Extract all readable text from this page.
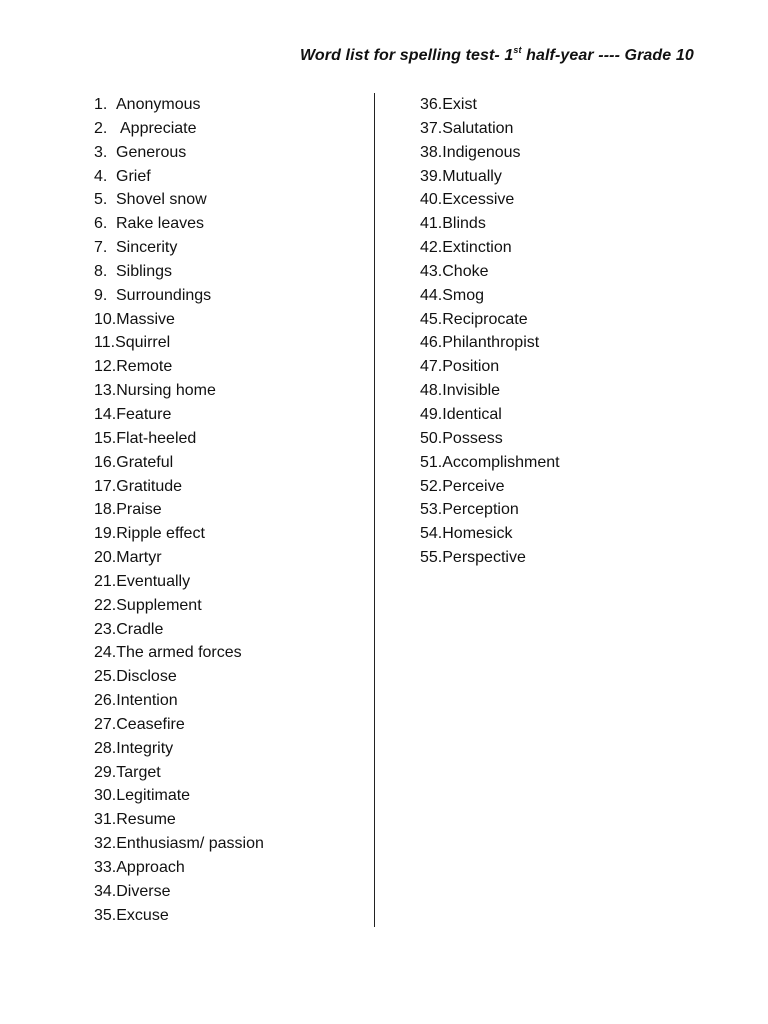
Word list for spelling test- 1st half-year ---- Grade 10
1. Anonymous
2. Appreciate
3. Generous
4. Grief
5. Shovel snow
6. Rake leaves
7. Sincerity
8. Siblings
9. Surroundings
10.Massive
11.Squirrel
12.Remote
13.Nursing home
14.Feature
15.Flat-heeled
16.Grateful
17.Gratitude
18.Praise
19.Ripple effect
20.Martyr
21.Eventually
22.Supplement
23.Cradle
24.The armed forces
25.Disclose
26.Intention
27.Ceasefire
28.Integrity
29.Target
30.Legitimate
31.Resume
32.Enthusiasm/ passion
33.Approach
34.Diverse
35.Excuse
36.Exist
37.Salutation
38.Indigenous
39.Mutually
40.Excessive
41.Blinds
42.Extinction
43.Choke
44.Smog
45.Reciprocate
46.Philanthropist
47.Position
48.Invisible
49.Identical
50.Possess
51.Accomplishment
52.Perceive
53.Perception
54.Homesick
55.Perspective
